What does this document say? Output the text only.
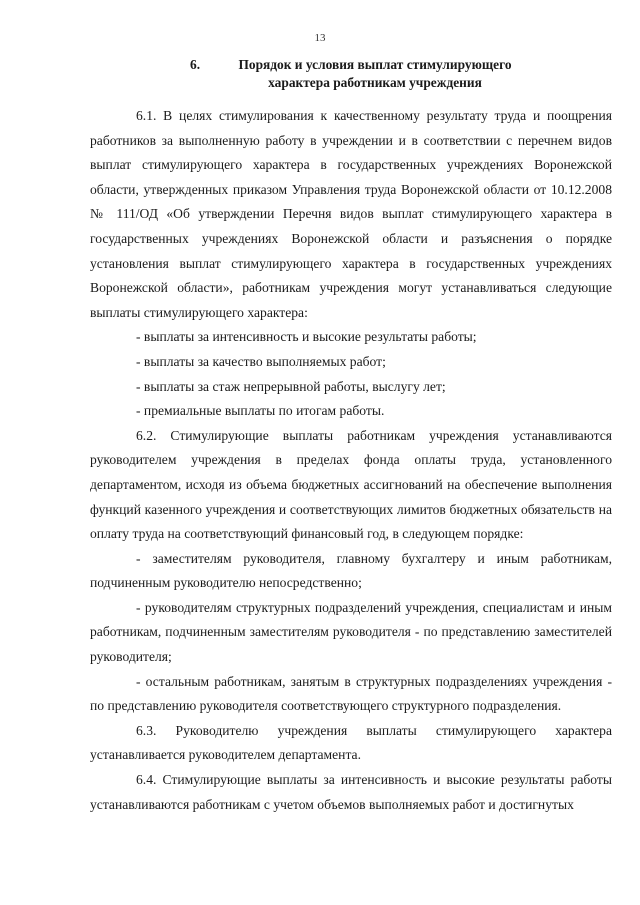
13
6.	Порядок и условия выплат стимулирующего
характера работникам учреждения

6.1. В целях стимулирования к качественному результату труда и поощрения работников за выполненную работу в учреждении и в соответствии с перечнем видов выплат стимулирующего характера в государственных учреждениях Воронежской области, утвержденных приказом Управления труда Воронежской области от 10.12.2008 № 111/ОД «Об утверждении Перечня видов выплат стимулирующего характера в государственных учреждениях Воронежской области и разъяснения о порядке установления выплат стимулирующего характера в государственных учреждениях Воронежской области», работникам учреждения могут устанавливаться следующие выплаты стимулирующего характера:

- выплаты за интенсивность и высокие результаты работы;

- выплаты за качество выполняемых работ;

- выплаты за стаж непрерывной работы, выслугу лет;

- премиальные выплаты по итогам работы.

6.2. Стимулирующие выплаты работникам учреждения устанавливаются руководителем учреждения в пределах фонда оплаты труда, установленного департаментом, исходя из объема бюджетных ассигнований на обеспечение выполнения функций казенного учреждения и соответствующих лимитов бюджетных обязательств на оплату труда на соответствующий финансовый год, в следующем порядке:

- заместителям руководителя, главному бухгалтеру и иным работникам, подчиненным руководителю непосредственно;

- руководителям структурных подразделений учреждения, специалистам и иным работникам, подчиненным заместителям руководителя - по представлению заместителей руководителя;

- остальным работникам, занятым в структурных подразделениях учреждения - по представлению руководителя соответствующего структурного подразделения.

6.3. Руководителю учреждения выплаты стимулирующего характера устанавливается руководителем департамента.

6.4. Стимулирующие выплаты за интенсивность и высокие результаты работы устанавливаются работникам с учетом объемов выполняемых работ и достигнутых
